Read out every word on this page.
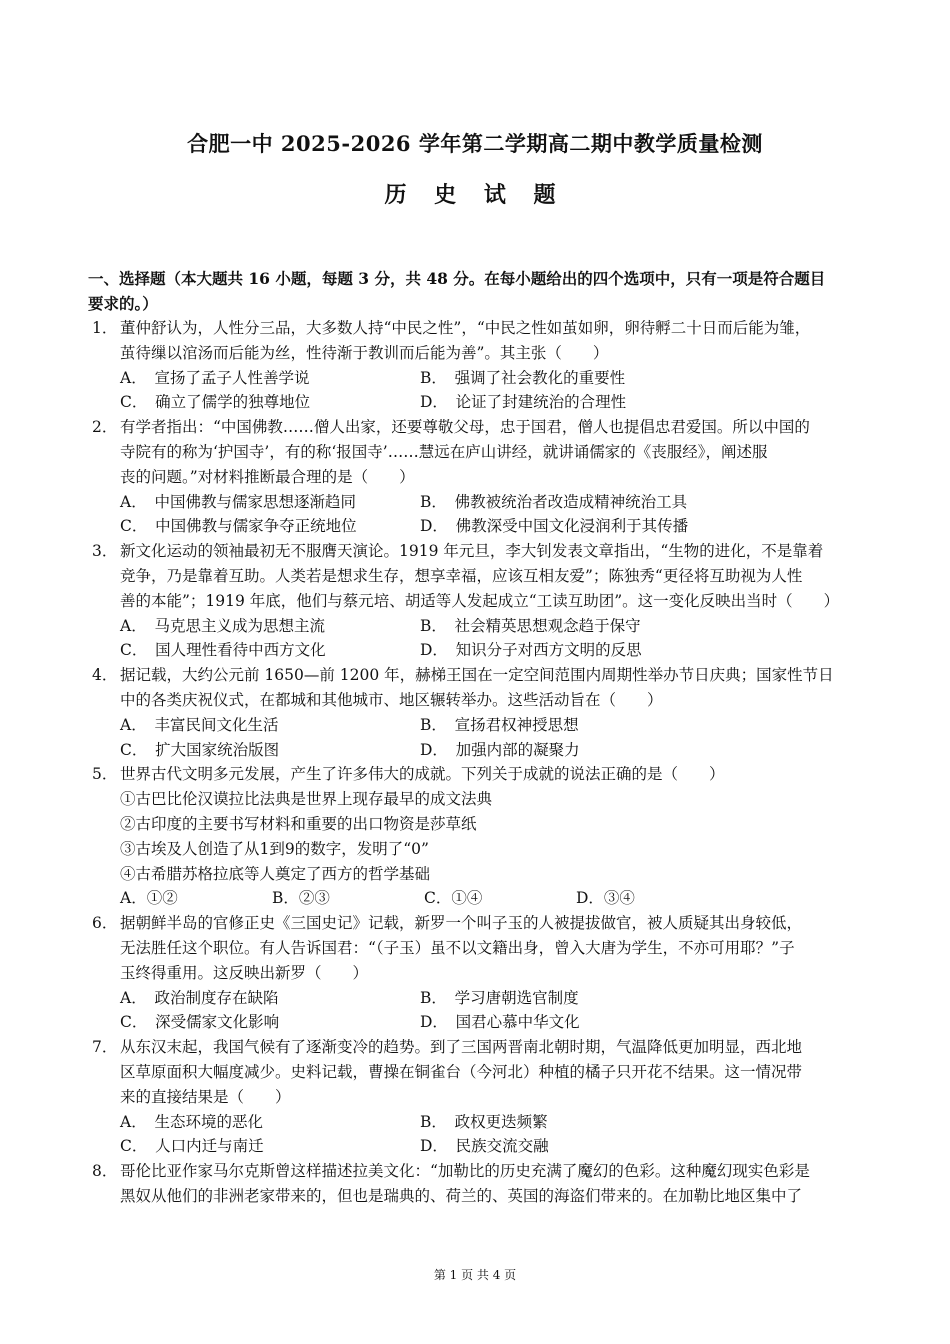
合肥一中 2025-2026 学年第二学期高二期中教学质量检测
历 史 试 题
一、选择题（本大题共 16 小题，每题 3 分，共 48 分。在每小题给出的四个选项中，只有一项是符合题目
要求的。）
1． 董仲舒认为，人性分三品，大多数人持“中民之性”，“中民之性如茧如卵，卵待孵二十日而后能为雏，
茧待缫以涫汤而后能为丝，性待渐于教训而后能为善”。其主张（　　）
A．　宣扬了孟子人性善学说	B．　强调了社会教化的重要性
C．　确立了儒学的独尊地位	D．　论证了封建统治的合理性
2． 有学者指出：“中国佛教……僧人出家，还要尊敬父母，忠于国君，僧人也提倡忠君爱国。所以中国的
寺院有的称为‘护国寺’，有的称‘报国寺’……慧远在庐山讲经，就讲诵儒家的《丧服经》，阐述服
丧的问题。”对材料推断最合理的是（　　）
A．　中国佛教与儒家思想逐渐趋同	B．　佛教被统治者改造成精神统治工具
C．　中国佛教与儒家争夺正统地位	D．　佛教深受中国文化浸润利于其传播
3． 新文化运动的领袖最初无不服膺天演论。1919 年元旦，李大钊发表文章指出，“生物的进化，不是靠着
竞争，乃是靠着互助。人类若是想求生存，想享幸福，应该互相友爱”；陈独秀“更径将互助视为人性
善的本能”；1919 年底，他们与蔡元培、胡适等人发起成立“工读互助团”。这一变化反映出当时（　　）
A．　马克思主义成为思想主流	B．　社会精英思想观念趋于保守
C．　国人理性看待中西方文化	D．　知识分子对西方文明的反思
4． 据记载，大约公元前 1650—前 1200 年，赫梯王国在一定空间范围内周期性举办节日庆典；国家性节日
中的各类庆祝仪式，在都城和其他城市、地区辗转举办。这些活动旨在（　　）
A．　丰富民间文化生活	B．　宣扬君权神授思想
C．　扩大国家统治版图	D．　加强内部的凝聚力
5． 世界古代文明多元发展，产生了许多伟大的成就。下列关于成就的说法正确的是（　　）
①古巴比伦汉谟拉比法典是世界上现存最早的成文法典
②古印度的主要书写材料和重要的出口物资是莎草纸
③古埃及人创造了从1到9的数字，发明了“0”
④古希腊苏格拉底等人奠定了西方的哲学基础
A．①②	B．②③	C．①④	D．③④
6． 据朝鲜半岛的官修正史《三国史记》记载，新罗一个叫子玉的人被提拔做官，被人质疑其出身较低，
无法胜任这个职位。有人告诉国君：“（子玉）虽不以文籍出身，曾入大唐为学生，不亦可用耶？”子
玉终得重用。这反映出新罗（　　）
A．　政治制度存在缺陷	B．　学习唐朝选官制度
C．　深受儒家文化影响	D．　国君心慕中华文化
7． 从东汉末起，我国气候有了逐渐变冷的趋势。到了三国两晋南北朝时期，气温降低更加明显，西北地
区草原面积大幅度减少。史料记载，曹操在铜雀台（今河北）种植的橘子只开花不结果。这一情况带
来的直接结果是（　　）
A．　生态环境的恶化	B．　政权更迭频繁
C．　人口内迁与南迁	D．　民族交流交融
8． 哥伦比亚作家马尔克斯曾这样描述拉美文化：“加勒比的历史充满了魔幻的色彩。这种魔幻现实色彩是
黑奴从他们的非洲老家带来的，但也是瑞典的、荷兰的、英国的海盗们带来的。在加勒比地区集中了
第 1 页 共 4 页
